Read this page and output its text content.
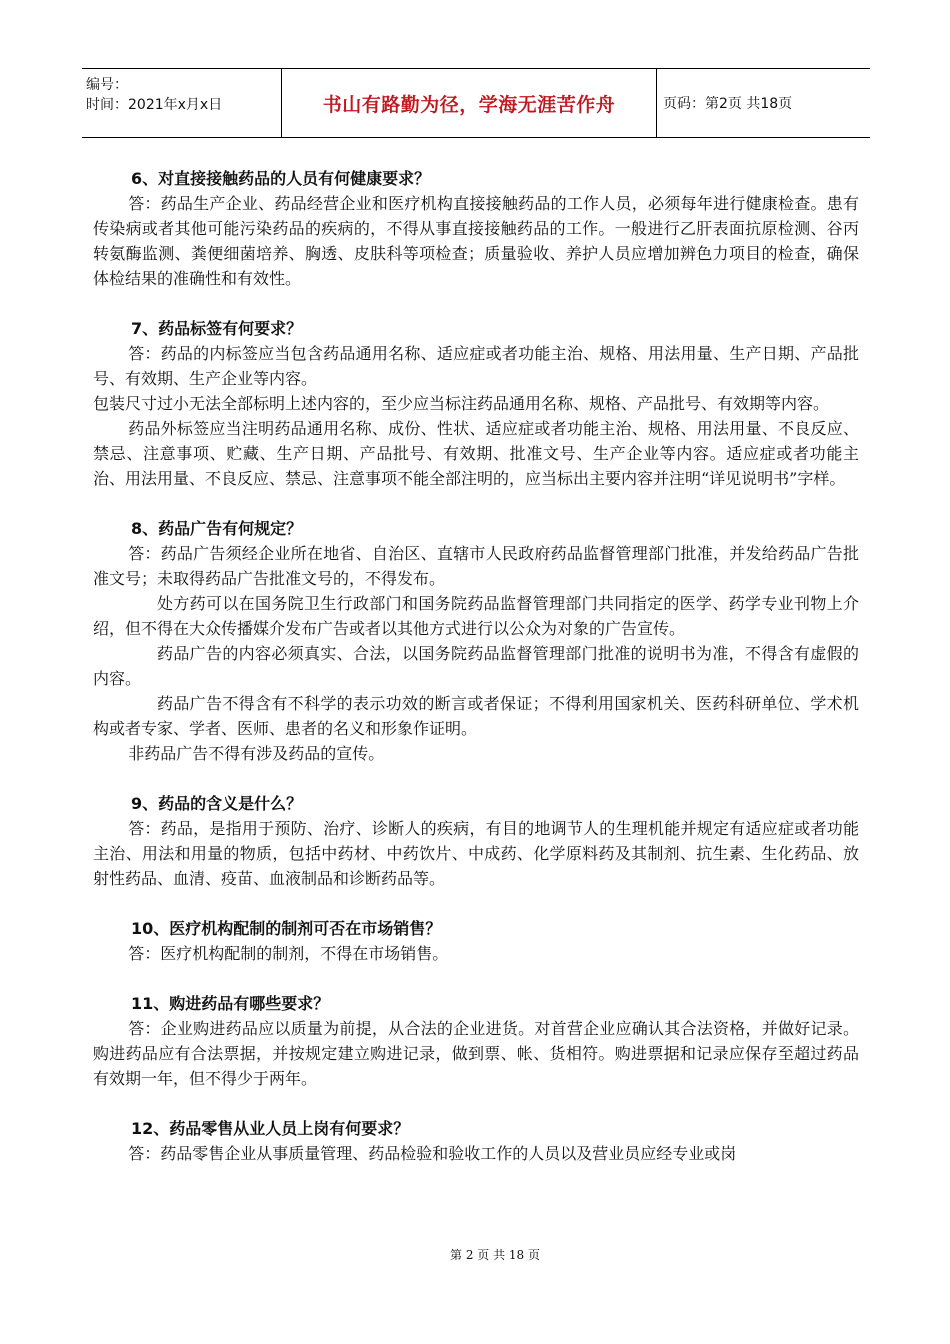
编号：
时间：2021年x月x日	书山有路勤为径，学海无涯苦作舟	页码：第2页 共18页
6、对直接接触药品的人员有何健康要求？

答：药品生产企业、药品经营企业和医疗机构直接接触药品的工作人员，必须每年进行健康检查。患有传染病或者其他可能污染药品的疾病的，不得从事直接接触药品的工作。一般进行乙肝表面抗原检测、谷丙转氨酶监测、粪便细菌培养、胸透、皮肤科等项检查；质量验收、养护人员应增加辨色力项目的检查，确保体检结果的准确性和有效性。

7、药品标签有何要求？

答：药品的内标签应当包含药品通用名称、适应症或者功能主治、规格、用法用量、生产日期、产品批号、有效期、生产企业等内容。

包装尺寸过小无法全部标明上述内容的，至少应当标注药品通用名称、规格、产品批号、有效期等内容。

药品外标签应当注明药品通用名称、成份、性状、适应症或者功能主治、规格、用法用量、不良反应、禁忌、注意事项、贮藏、生产日期、产品批号、有效期、批准文号、生产企业等内容。适应症或者功能主治、用法用量、不良反应、禁忌、注意事项不能全部注明的，应当标出主要内容并注明“详见说明书”字样。

8、药品广告有何规定？

答：药品广告须经企业所在地省、自治区、直辖市人民政府药品监督管理部门批准，并发给药品广告批准文号；未取得药品广告批准文号的，不得发布。

处方药可以在国务院卫生行政部门和国务院药品监督管理部门共同指定的医学、药学专业刊物上介绍，但不得在大众传播媒介发布广告或者以其他方式进行以公众为对象的广告宣传。

药品广告的内容必须真实、合法，以国务院药品监督管理部门批准的说明书为准，不得含有虚假的内容。

药品广告不得含有不科学的表示功效的断言或者保证；不得利用国家机关、医药科研单位、学术机构或者专家、学者、医师、患者的名义和形象作证明。

非药品广告不得有涉及药品的宣传。

9、药品的含义是什么？

答：药品，是指用于预防、治疗、诊断人的疾病，有目的地调节人的生理机能并规定有适应症或者功能主治、用法和用量的物质，包括中药材、中药饮片、中成药、化学原料药及其制剂、抗生素、生化药品、放射性药品、血清、疫苗、血液制品和诊断药品等。

10、医疗机构配制的制剂可否在市场销售？

答：医疗机构配制的制剂，不得在市场销售。

11、购进药品有哪些要求？

答：企业购进药品应以质量为前提，从合法的企业进货。对首营企业应确认其合法资格，并做好记录。购进药品应有合法票据，并按规定建立购进记录，做到票、帐、货相符。购进票据和记录应保存至超过药品有效期一年，但不得少于两年。

12、药品零售从业人员上岗有何要求？

答：药品零售企业从事质量管理、药品检验和验收工作的人员以及营业员应经专业或岗

第 2 页 共 18 页
